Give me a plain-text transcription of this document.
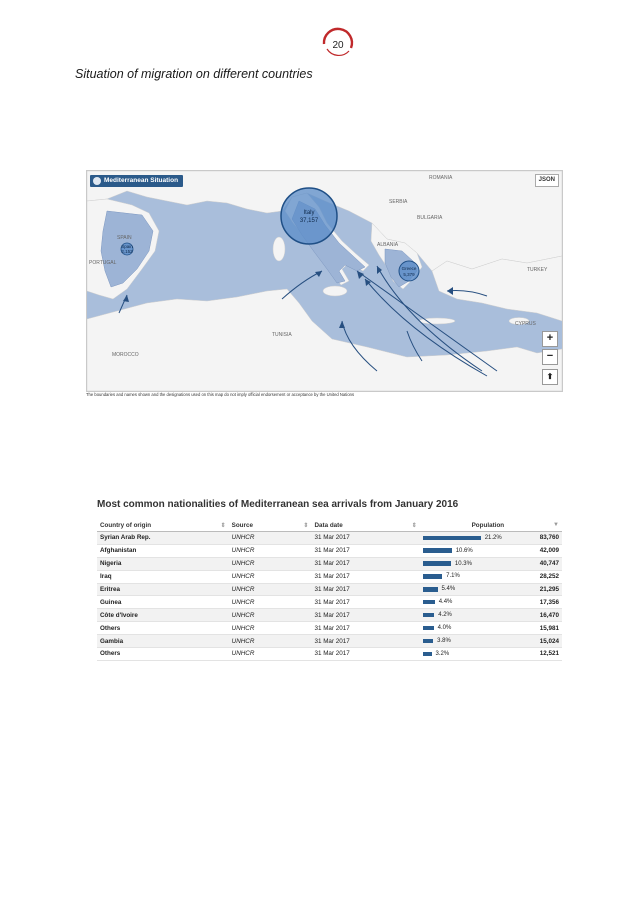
20
Situation of migration on different countries
Italy
37,157
Spain
2,152
Greece
5,379
ROMANIA
SERBIA
BULGARIA
ALBANIA
TURKEY
SPAIN
PORTUGAL
MOROCCO
TUNISIA
CYPRUS
Mediterranean Situation	JSON
+
−
⬆
The boundaries and names shown and the designations used on this map do not imply official endorsement or acceptance by the United Nations
Most common nationalities of Mediterranean sea arrivals from January 2016
Country of origin ⇕	Source ⇕	Data date ⇕	Population ▼	

Syrian Arab Rep.	UNHCR	31 Mar 2017	21.2%	83,760
Afghanistan	UNHCR	31 Mar 2017	10.6%	42,009
Nigeria	UNHCR	31 Mar 2017	10.3%	40,747
Iraq	UNHCR	31 Mar 2017	7.1%	28,252
Eritrea	UNHCR	31 Mar 2017	5.4%	21,295
Guinea	UNHCR	31 Mar 2017	4.4%	17,356
Côte d'Ivoire	UNHCR	31 Mar 2017	4.2%	16,470
Others	UNHCR	31 Mar 2017	4.0%	15,981
Gambia	UNHCR	31 Mar 2017	3.8%	15,024
Others	UNHCR	31 Mar 2017	3.2%	12,521
